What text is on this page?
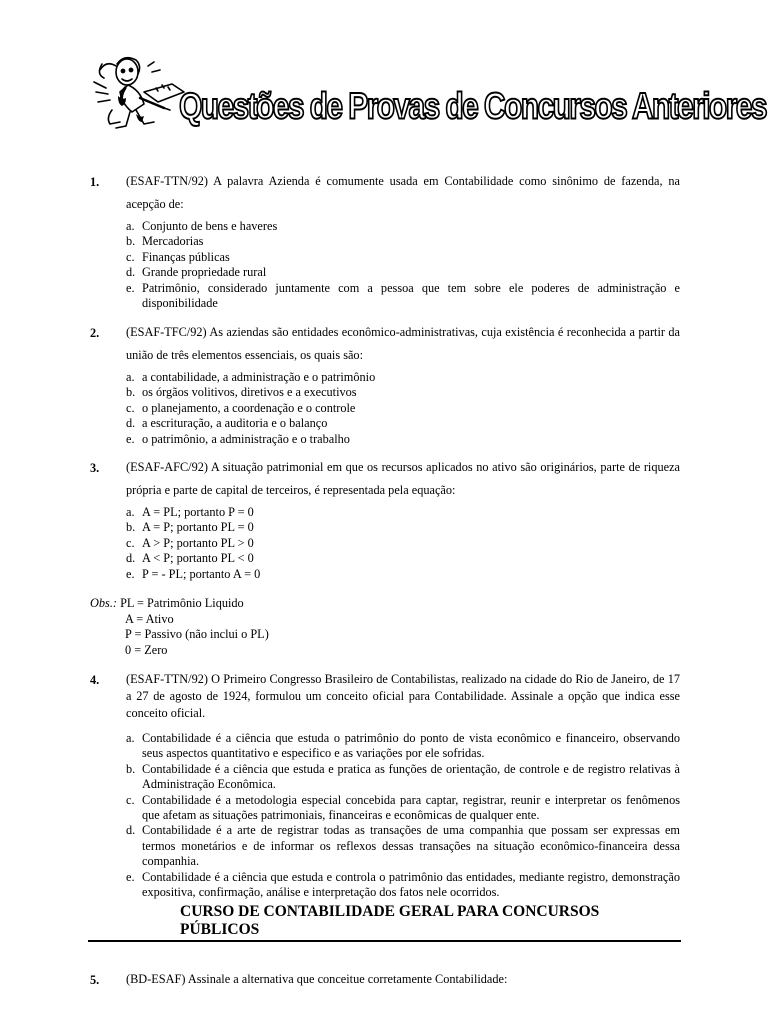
Questões de Provas de Concursos Anteriores
1. (ESAF-TTN/92) A palavra Azienda é comumente usada em Contabilidade como sinônimo de fazenda, na acepção de:
a. Conjunto de bens e haveres
b. Mercadorias
c. Finanças públicas
d. Grande propriedade rural
e. Patrimônio, considerado juntamente com a pessoa que tem sobre ele poderes de administração e disponibilidade
2. (ESAF-TFC/92) As aziendas são entidades econômico-administrativas, cuja existência é reconhecida a partir da união de três elementos essenciais, os quais são:
a. a contabilidade, a administração e o patrimônio
b. os órgãos volitivos, diretivos e a executivos
c. o planejamento, a coordenação e o controle
d. a escrituração, a auditoria e o balanço
e. o patrimônio, a administração e o trabalho
3. (ESAF-AFC/92) A situação patrimonial em que os recursos aplicados no ativo são originários, parte de riqueza própria e parte de capital de terceiros, é representada pela equação:
a. A = PL; portanto P = 0
b. A = P; portanto PL = 0
c. A > P; portanto PL > 0
d. A < P; portanto PL < 0
e. P = - PL; portanto A = 0
Obs.: PL = Patrimônio Liquido
A = Ativo
P = Passivo (não inclui o PL)
0 = Zero
4. (ESAF-TTN/92) O Primeiro Congresso Brasileiro de Contabilistas, realizado na cidade do Rio de Janeiro, de 17 a 27 de agosto de 1924, formulou um conceito oficial para Contabilidade. Assinale a opção que indica esse conceito oficial.
a. Contabilidade é a ciência que estuda o patrimônio do ponto de vista econômico e financeiro, observando seus aspectos quantitativo e especifico e as variações por ele sofridas.
b. Contabilidade é a ciência que estuda e pratica as funções de orientação, de controle e de registro relativas à Administração Econômica.
c. Contabilidade é a metodologia especial concebida para captar, registrar, reunir e interpretar os fenômenos que afetam as situações patrimoniais, financeiras e econômicas de qualquer ente.
d. Contabilidade é a arte de registrar todas as transações de uma companhia que possam ser expressas em termos monetários e de informar os reflexos dessas transações na situação econômico-financeira dessa companhia.
e. Contabilidade é a ciência que estuda e controla o patrimônio das entidades, mediante registro, demonstração expositiva, confirmação, análise e interpretação dos fatos nele ocorridos.
CURSO DE CONTABILIDADE GERAL PARA CONCURSOS PÚBLICOS
5. (BD-ESAF) Assinale a alternativa que conceitue corretamente Contabilidade:
